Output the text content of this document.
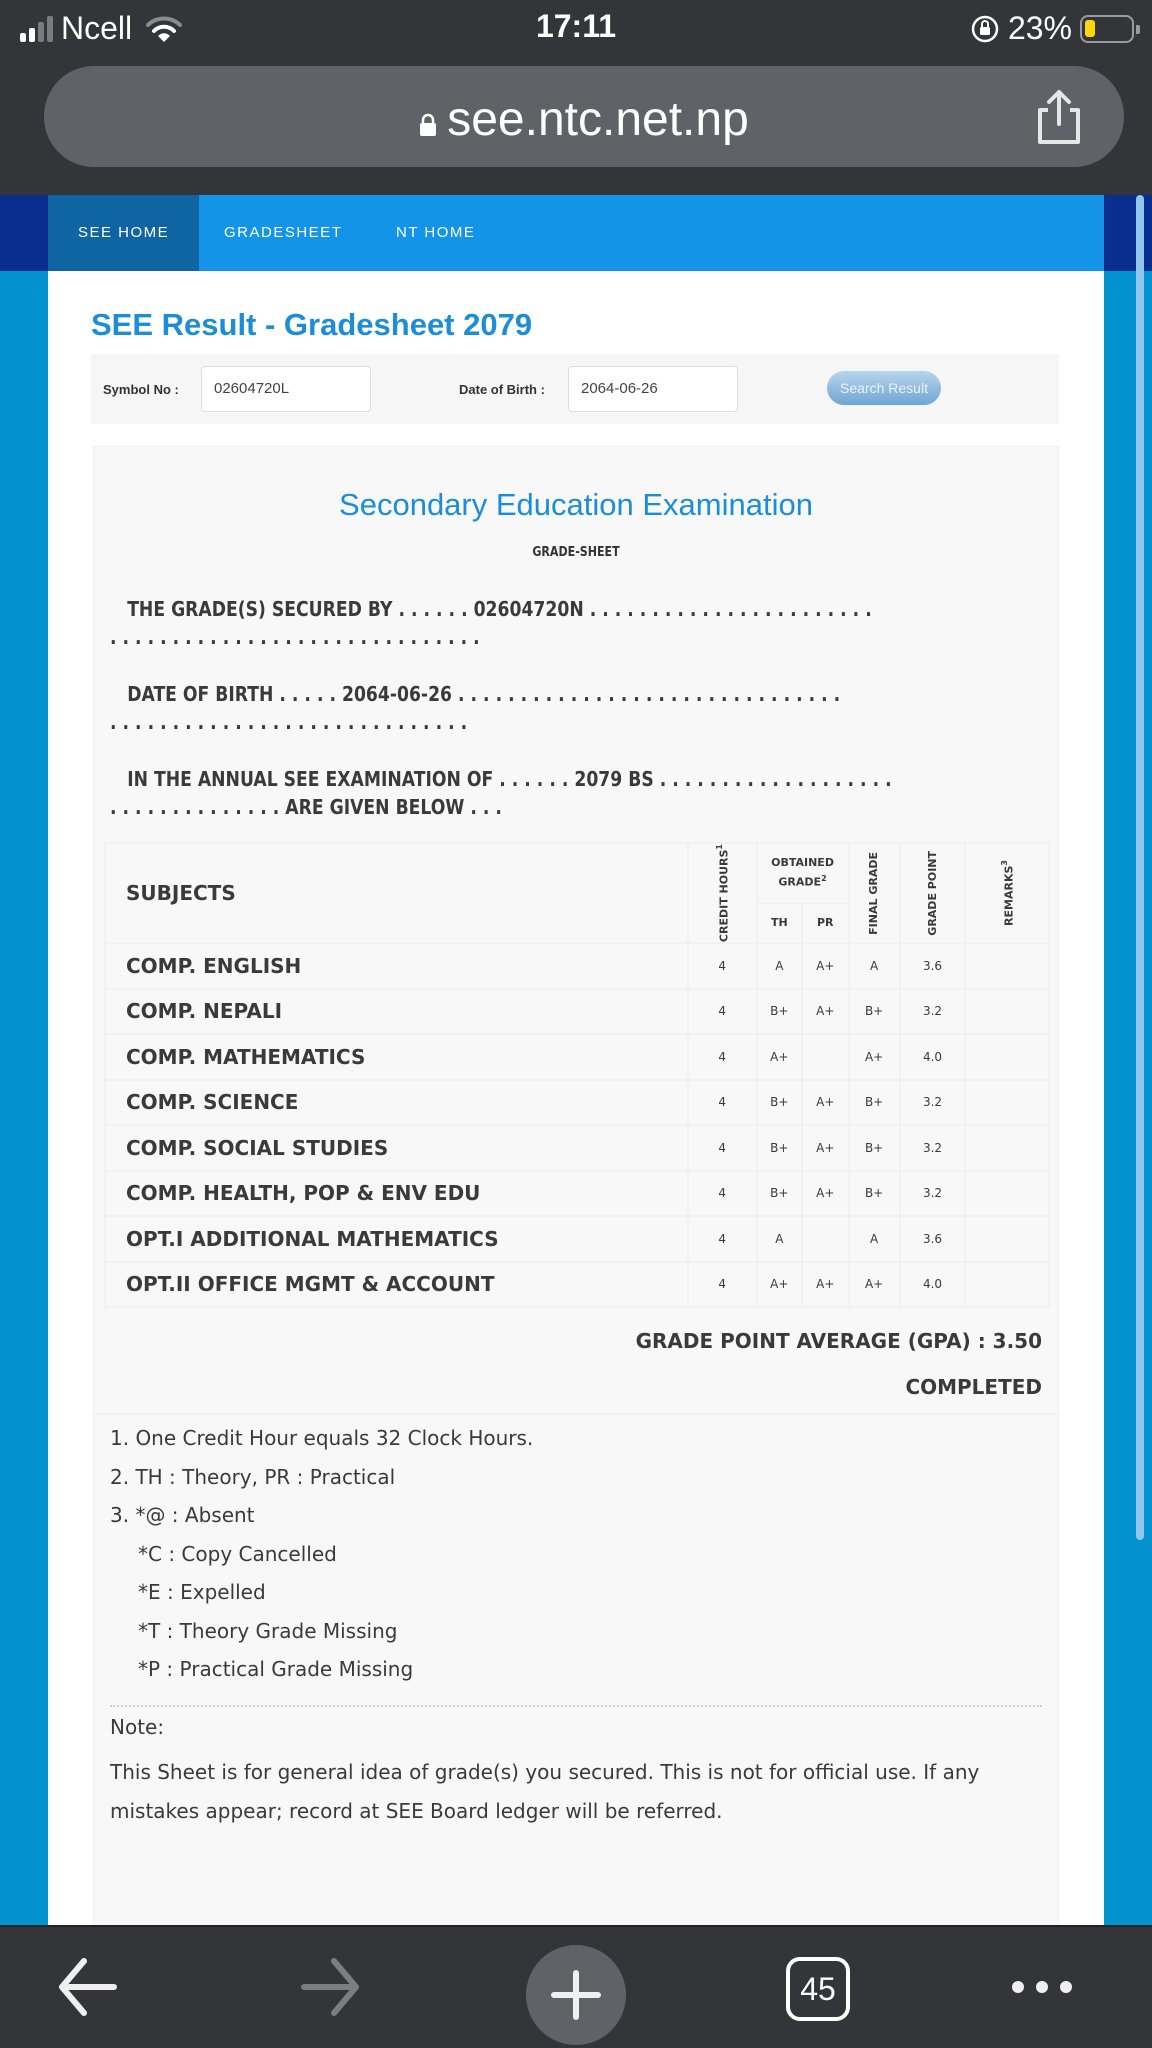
Ncell	17:11	23%
see.ntc.net.np
SEE HOME	GRADESHEET	NT HOME
SEE Result - Gradesheet 2079
Symbol No :	02604720L	Date of Birth :	2064-06-26	Search Result
Secondary Education Examination
GRADE-SHEET
THE GRADE(S) SECURED BY . . . . . . 02604720N . . . . . . . . . . . . . . . . . . . . . . .
. . . . . . . . . . . . . . . . . . . . . . . . . . . . . .
DATE OF BIRTH . . . . . 2064-06-26 . . . . . . . . . . . . . . . . . . . . . . . . . . . . . . .
. . . . . . . . . . . . . . . . . . . . . . . . . . . . .
IN THE ANNUAL SEE EXAMINATION OF . . . . . . 2079 BS . . . . . . . . . . . . . . . . . . .
. . . . . . . . . . . . . . ARE GIVEN BELOW . . .
SUBJECTS	CREDIT HOURS$^1$	OBTAINED GRADE$^2$		FINAL GRADE	GRADE POINT	REMARKS$^3$

		TH	PR			
COMP. ENGLISH	4	A	A+	A	3.6	
COMP. NEPALI	4	B+	A+	B+	3.2	
COMP. MATHEMATICS	4	A+		A+	4.0	
COMP. SCIENCE	4	B+	A+	B+	3.2	
COMP. SOCIAL STUDIES	4	B+	A+	B+	3.2	
COMP. HEALTH, POP & ENV EDU	4	B+	A+	B+	3.2	
OPT.I ADDITIONAL MATHEMATICS	4	A		A	3.6	
OPT.II OFFICE MGMT & ACCOUNT	4	A+	A+	A+	4.0	
GRADE POINT AVERAGE (GPA) : 3.50
COMPLETED
1. One Credit Hour equals 32 Clock Hours.
2. TH : Theory, PR : Practical
3. *@ : Absent
*C : Copy Cancelled
*E : Expelled
*T : Theory Grade Missing
*P : Practical Grade Missing
Note:
This Sheet is for general idea of grade(s) you secured. This is not for official use. If any mistakes appear; record at SEE Board ledger will be referred.
45
